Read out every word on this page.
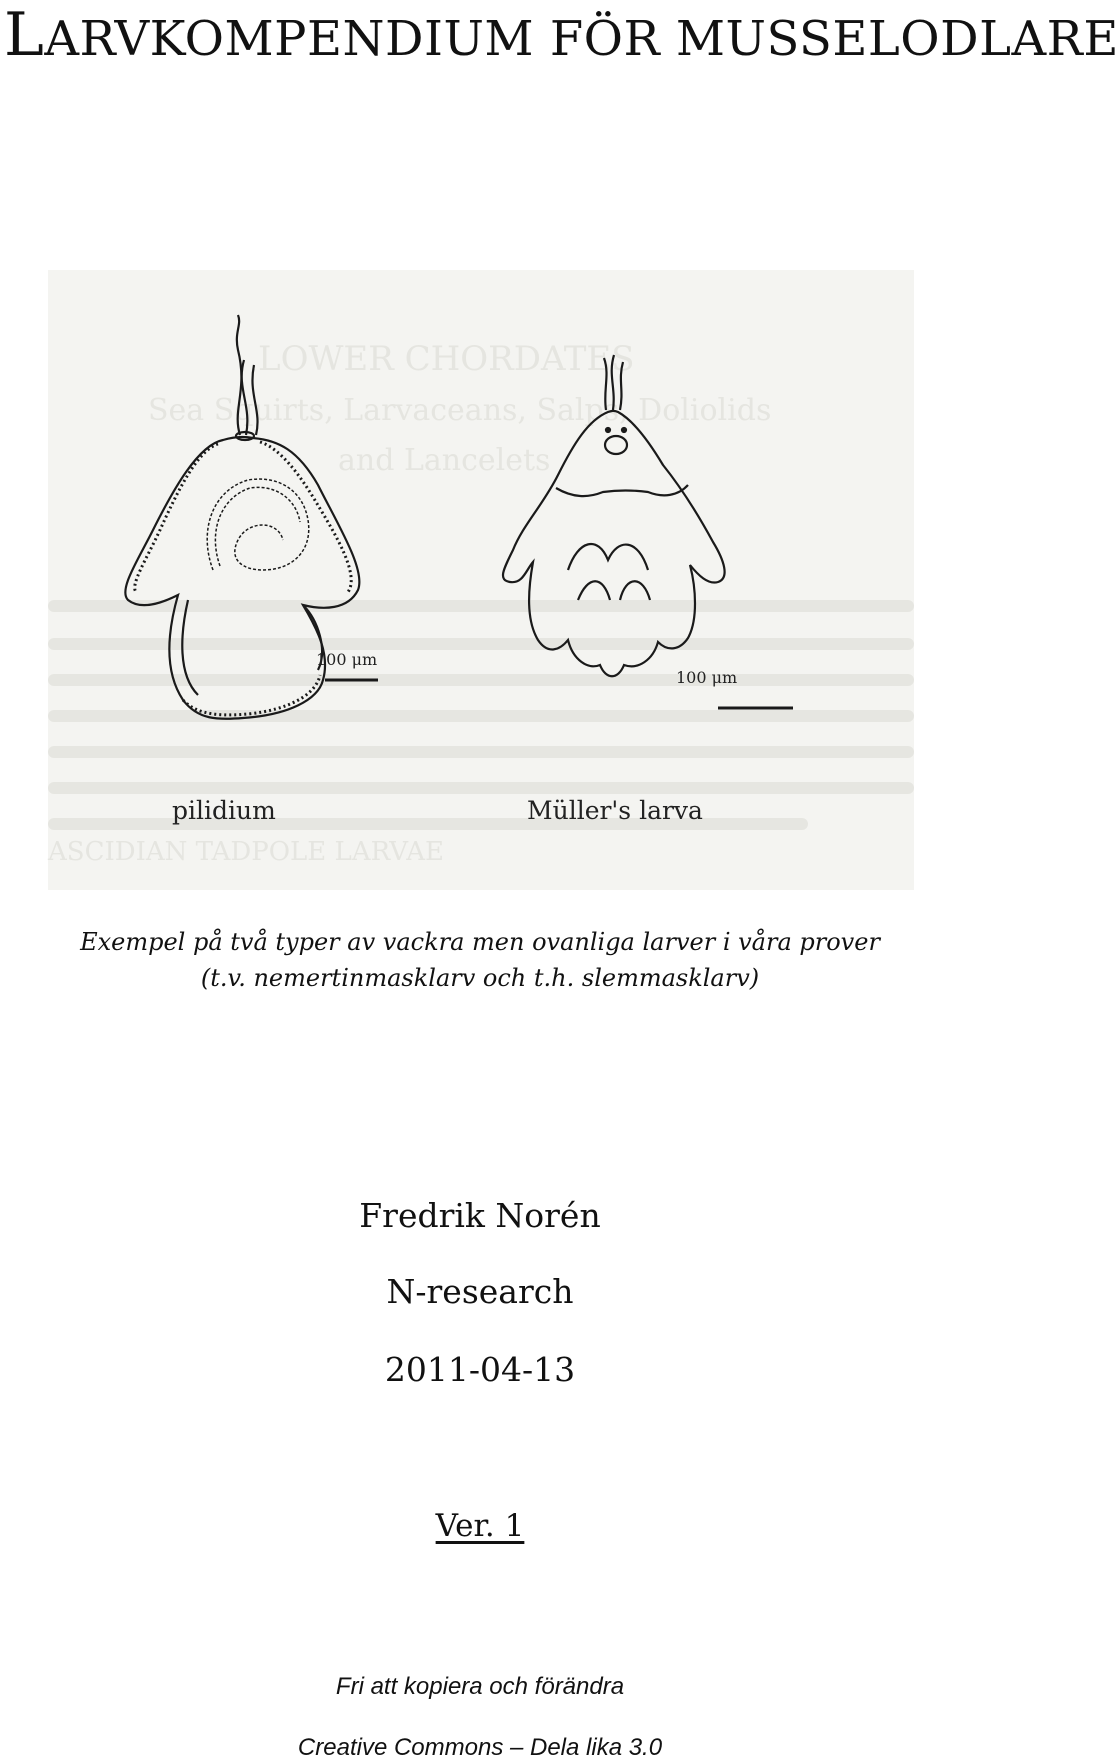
LARVKOMPENDIUM FÖR MUSSELODLARE
LOWER CHORDATES
Sea Squirts, Larvaceans, Salps, Doliolids
and Lancelets
ASCIDIAN TADPOLE LARVAE
100 μm
100 μm
pilidium	Müller's larva
Exempel på två typer av vackra men ovanliga larver i våra prover
(t.v. nemertinmasklarv och t.h. slemmasklarv)
Fredrik Norén
N-research
2011-04-13
Ver. 1
Fri att kopiera och förändra
Creative Commons – Dela lika 3.0
